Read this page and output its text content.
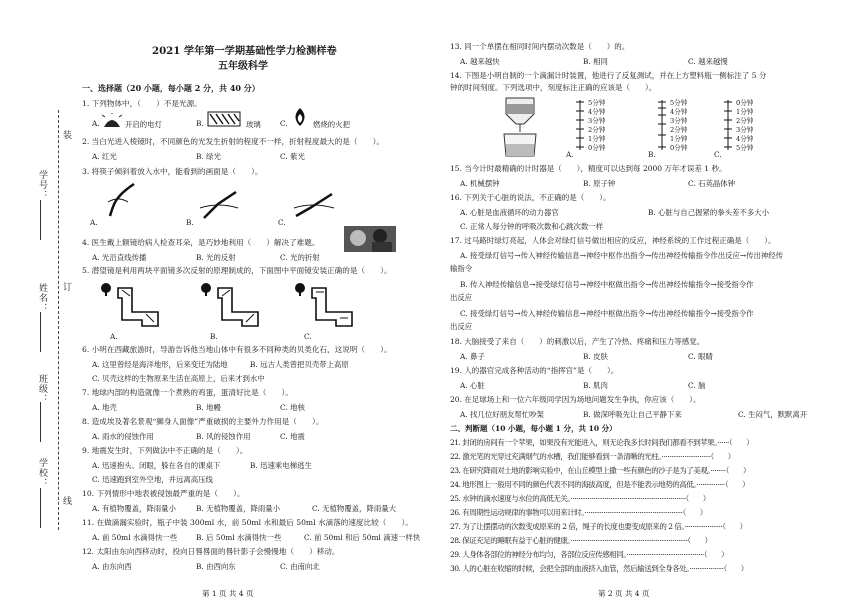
装
订
线
学号：
姓名：
班级：
学校：
2021 学年第一学期基础性学力检测样卷
五年级科学
一、选择题（20 小题，每小题 2 分，共 40 分）
1. 下列物体中，（　　）不是光源。
A.	开启的电灯	B.	玻璃	C.	燃烧的火把
2. 当白光进入棱镜时，不同颜色的光发生折射的程度不一样，折射程度最大的是（　　）。
A. 红光	B. 绿光	C. 紫光
3. 将筷子倾斜着放入水中，能看到的画面是（　　）。
A.	B.	C.
4. 医生戴上额镜给病人检查耳朵，是巧妙地利用（　　）解决了难题。
A. 光沿直线传播	B. 光的反射	C. 光的折射
5. 潜望镜是利用两块平面镜多次反射的原理制成的，下面图中平面镜安装正确的是（　　）。
A.	B.	C.
6. 小明在西藏旅游时，导游告诉他当地山体中有很多不同种类的贝类化石，这说明（　　）。
A. 这里曾经是海洋地形，后来变迁为陆地	B. 远古人类曾把贝壳带上高原
C. 贝壳这样的生物原来生活在高原上，后来才到水中
7. 地球内部的构造就像一个煮熟的鸡蛋，蛋清好比是（　　）。
A. 地壳	B. 地幔	C. 地核
8. 造成埃及著名景观“狮身人面像”严重破损的主要外力作用是（　　）。
A. 雨水的侵蚀作用	B. 风的侵蚀作用	C. 地震
9. 地震发生时，下列做法中不正确的是（　　）。
A. 迅速抱头、闭眼，躲在各自的课桌下	B. 迅速乘电梯逃生
C. 迅速跑到室外空地，并远离高压线
10. 下列情形中地表被侵蚀最严重的是（　　）。
A. 有植物覆盖，降雨量小	B. 无植物覆盖，降雨量小	C. 无植物覆盖，降雨量大
11. 在做滴漏实验时，瓶子中装 300ml 水，前 50ml 水和最后 50ml 水滴落的速度比较（　　）。
A. 前 50ml 水滴得快一些	B. 后 50ml 水滴得快一些	C. 前 50ml 和后 50ml 滴速一样快
12. 太阳由东向西移动时，投向日晷晷面的晷针影子会慢慢地（　　）移动。
A. 由东向西	B. 由西向东	C. 由南向北
第 1 页 共 4 页
13. 同一个单摆在相同时间内摆动次数是（　　）的。
A. 越来越快	B. 相同	C. 越来越慢
14. 下图是小明自制的一个滴漏计时装置，他进行了反复测试，并在上方塑料瓶一侧标注了 5 分
钟的时间刻度。下列选项中，刻度标注正确的应该是（　　）。
A.
5分钟
4分钟
3分钟
2分钟
1分钟
0分钟
B.
5分钟
4分钟
3分钟
2分钟
1分钟
0分钟
C.
0分钟
1分钟
2分钟
3分钟
4分钟
5分钟
15. 当今计时最精确的计时器是（　　），精度可以达到每 2000 万年才误差 1 秒。
A. 机械摆钟	B. 原子钟	C. 石英晶体钟
16. 下列关于心脏的说法，不正确的是（　　）。
A. 心脏是血液循环的动力器官	B. 心脏与自己握紧的拳头差不多大小
C. 正常人每分钟的呼吸次数和心跳次数一样
17. 过马路时绿灯亮起，人体会对绿灯信号做出相应的反应，神经系统的工作过程正确是（　　）。
A. 接受绿灯信号→传入神经传输信息→神经中枢作出指令→传出神经传输指令作出反应→传出神经传
输指令
B. 传入神经传输信息→接受绿灯信号→神经中枢做出指令→传出神经传输指令→接受指令作
出反应
C. 接受绿灯信号→传入神经传输信息→神经中枢做出指令→传出神经传输指令→接受指令作
出反应
18. 大脑接受了来自（　　）的刺激以后，产生了冷热、疼痛和压力等感觉。
A. 鼻子	B. 皮肤	C. 眼睛
19. 人的器官完成各种活动的“指挥官”是（　　）。
A. 心脏	B. 肌肉	C. 脑
20. 在足球场上和一位六年级同学因为场地问题发生争执，你应该（　　）。
A. 找几位好朋友帮忙吵架	B. 做深呼吸先让自己平静下来	C. 生闷气，默默离开
二、判断题（10 小题，每小题 1 分，共 10 分）
21. 封闭的房间有一个苹果，如果没有光能进入，则无论我多长时间我们都看不到苹果。······（　　）
22. 激光笔的光穿过充满烟气的水槽，我们能够看到一条清晰的光柱。··························（　　）
23. 在研究降雨对土地的影响实验中，在山丘模型上撒一些有颜色的沙子是为了美观。········（　　）
24. 地形图上一般用不同的颜色代表不同的海拔高度，但是不能表示地势的高低。···············（　　）
25. 水钟的滴水速度与水位的高低无关。·····························································（　　）
26. 有周期性运动规律的事物可以用来计时。····················································（　　）
27. 为了让摆摆动的次数变成原来的 2 倍，绳子的长度也要变成原来的 2 倍。····················（　　）
28. 保证充足的睡眠有益于心脏的健康。······························································（　　）
29. 人身体各部位的神经分布均匀，各部位反应传感相同。·········································（　　）
30. 人的心脏在收缩的时候，会把全部的血液挤入血管，然后输送到全身各处。··················（　　）
第 2 页 共 4 页
